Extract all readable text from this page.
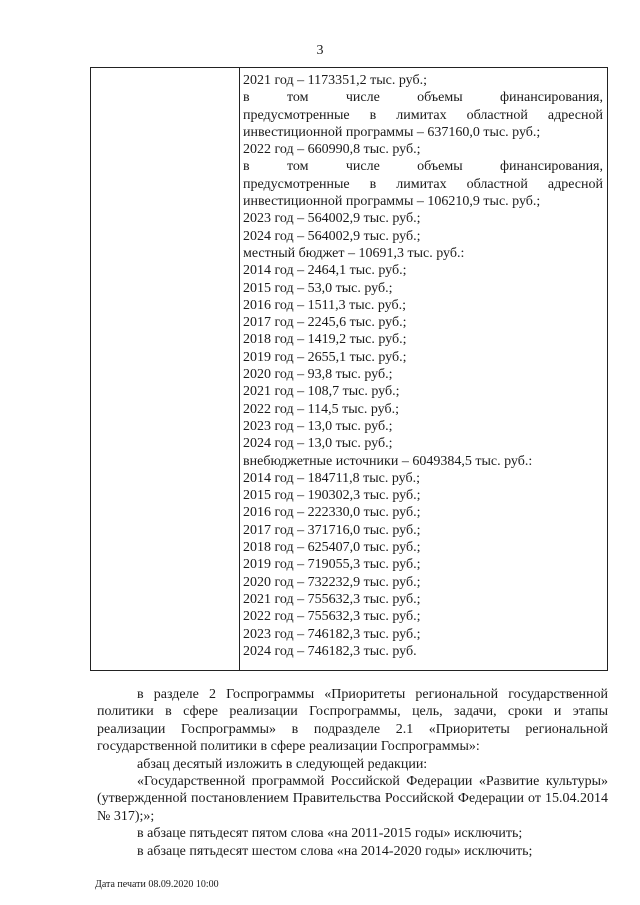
3
2021 год – 1173351,2 тыс. руб.;
в том числе объемы финансирования,
предусмотренные в лимитах областной адресной
инвестиционной программы – 637160,0 тыс. руб.;
2022 год – 660990,8 тыс. руб.;
в том числе объемы финансирования,
предусмотренные в лимитах областной адресной
инвестиционной программы – 106210,9 тыс. руб.;
2023 год – 564002,9 тыс. руб.;
2024 год – 564002,9 тыс. руб.;
местный бюджет – 10691,3 тыс. руб.:
2014 год – 2464,1 тыс. руб.;
2015 год – 53,0 тыс. руб.;
2016 год – 1511,3 тыс. руб.;
2017 год – 2245,6 тыс. руб.;
2018 год – 1419,2 тыс. руб.;
2019 год – 2655,1 тыс. руб.;
2020 год – 93,8 тыс. руб.;
2021 год – 108,7 тыс. руб.;
2022 год – 114,5 тыс. руб.;
2023 год – 13,0 тыс. руб.;
2024 год – 13,0 тыс. руб.;
внебюджетные источники – 6049384,5 тыс. руб.:
2014 год – 184711,8 тыс. руб.;
2015 год – 190302,3 тыс. руб.;
2016 год – 222330,0 тыс. руб.;
2017 год – 371716,0 тыс. руб.;
2018 год – 625407,0 тыс. руб.;
2019 год – 719055,3 тыс. руб.;
2020 год – 732232,9 тыс. руб.;
2021 год – 755632,3 тыс. руб.;
2022 год – 755632,3 тыс. руб.;
2023 год – 746182,3 тыс. руб.;
2024 год – 746182,3 тыс. руб.

в разделе 2 Госпрограммы «Приоритеты региональной государственной политики в сфере реализации Госпрограммы, цель, задачи, сроки и этапы реализации Госпрограммы» в подразделе 2.1 «Приоритеты региональной государственной политики в сфере реализации Госпрограммы»:

абзац десятый изложить в следующей редакции:

«Государственной программой Российской Федерации «Развитие культуры» (утвержденной постановлением Правительства Российской Федерации от 15.04.2014 № 317);»;

в абзаце пятьдесят пятом слова «на 2011-2015 годы» исключить;

в абзаце пятьдесят шестом слова «на 2014-2020 годы» исключить;

Дата печати 08.09.2020 10:00
